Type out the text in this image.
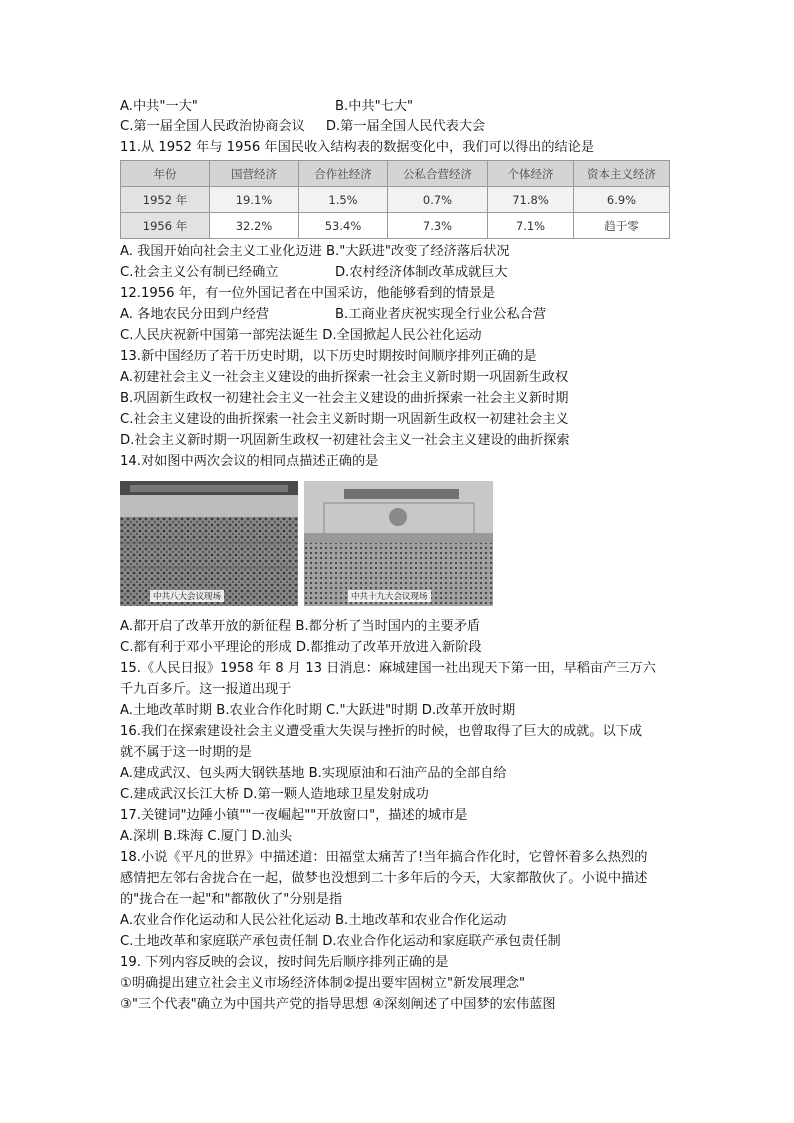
A.中共"一大"	B.中共"七大"
C.第一届全国人民政治协商会议 D.第一届全国人民代表大会
11.从 1952 年与 1956 年国民收入结构表的数据变化中，我们可以得出的结论是
年份	国营经济	合作社经济	公私合营经济	个体经济	资本主义经济
1952 年	19.1%	1.5%	0.7%	71.8%	6.9%
1956 年	32.2%	53.4%	7.3%	7.1%	趋于零
A. 我国开始向社会主义工业化迈进 B."大跃进"改变了经济落后状况
C.社会主义公有制已经确立	D.农村经济体制改革成就巨大
12.1956 年，有一位外国记者在中国采访，他能够看到的情景是
A. 各地农民分田到户经营	B.工商业者庆祝实现全行业公私合营
C.人民庆祝新中国第一部宪法诞生 D.全国掀起人民公社化运动
13.新中国经历了若干历史时期，以下历史时期按时间顺序排列正确的是
A.初建社会主义一社会主义建设的曲折探索一社会主义新时期一巩固新生政权
B.巩固新生政权一初建社会主义一社会主义建设的曲折探索一社会主义新时期
C.社会主义建设的曲折探索一社会主义新时期一巩固新生政权一初建社会主义
D.社会主义新时期一巩固新生政权一初建社会主义一社会主义建设的曲折探索
14.对如图中两次会议的相同点描述正确的是
中共八大会议现场	中共十九大会议现场
A.都开启了改革开放的新征程 B.都分析了当时国内的主要矛盾
C.都有利于邓小平理论的形成 D.都推动了改革开放进入新阶段
15.《人民日报》1958 年 8 月 13 日消息：麻城建国一社出现天下第一田，早稻亩产三万六
千九百多斤。这一报道出现于
A.土地改革时期 B.农业合作化时期 C."大跃进"时期 D.改革开放时期
16.我们在探索建设社会主义遭受重大失误与挫折的时候，也曾取得了巨大的成就。以下成
就不属于这一时期的是
A.建成武汉、包头两大钢铁基地 B.实现原油和石油产品的全部自给
C.建成武汉长江大桥 D.第一颗人造地球卫星发射成功
17.关键词"边陲小镇""一夜崛起""开放窗口"，描述的城市是
A.深圳 B.珠海 C.厦门 D.汕头
18.小说《平凡的世界》中描述道：田福堂太痛苦了!当年搞合作化时，它曾怀着多么热烈的
感情把左邻右舍拢合在一起，做梦也没想到二十多年后的今天，大家都散伙了。小说中描述
的"拢合在一起"和"都散伙了"分别是指
A.农业合作化运动和人民公社化运动 B.土地改革和农业合作化运动
C.土地改革和家庭联产承包责任制 D.农业合作化运动和家庭联产承包责任制
19. 下列内容反映的会议，按时间先后顺序排列正确的是
①明确提出建立社会主义市场经济体制②提出要牢固树立"新发展理念"
③"三个代表"确立为中国共产党的指导思想 ④深刻阐述了中国梦的宏伟蓝图
